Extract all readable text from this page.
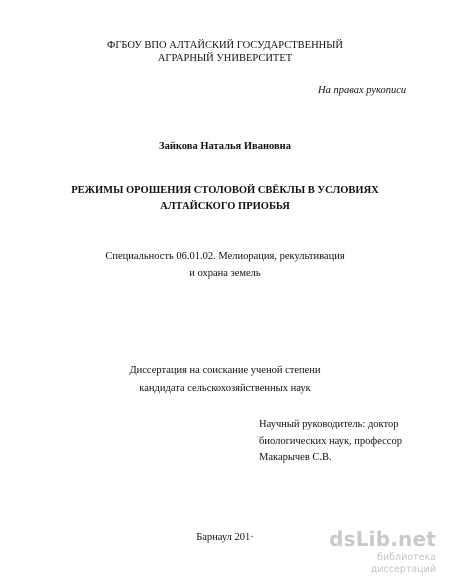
ФГБОУ ВПО АЛТАЙСКИЙ ГОСУДАРСТВЕННЫЙ
АГРАРНЫЙ УНИВЕРСИТЕТ
На правах рукописи
Зайкова Наталья Ивановна
РЕЖИМЫ ОРОШЕНИЯ СТОЛОВОЙ СВЁКЛЫ В УСЛОВИЯХ
АЛТАЙСКОГО ПРИОБЬЯ
Специальность 06.01.02. Мелиорация, рекультивация
и охрана земель
Диссертация на соискание ученой степени
кандидата сельскохозяйственных наук
Научный руководитель: доктор
биологических наук, профессор
Макарычев С.В.
Барнаул 201·	dsLib.net
библиотека диссертаций
